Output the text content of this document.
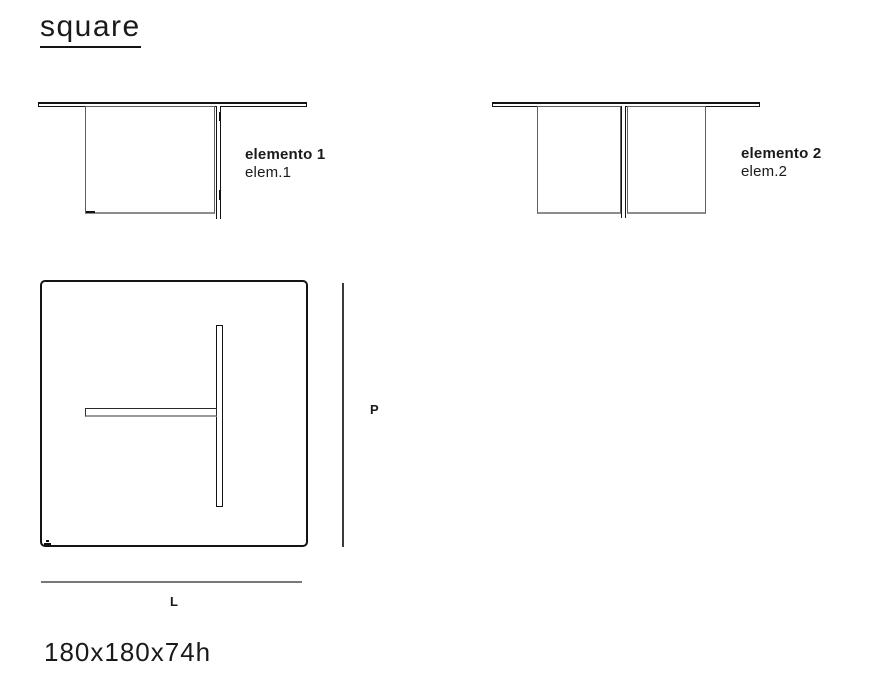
square
elemento 1
elem.1
elemento 2
elem.2
P
L
180x180x74h
